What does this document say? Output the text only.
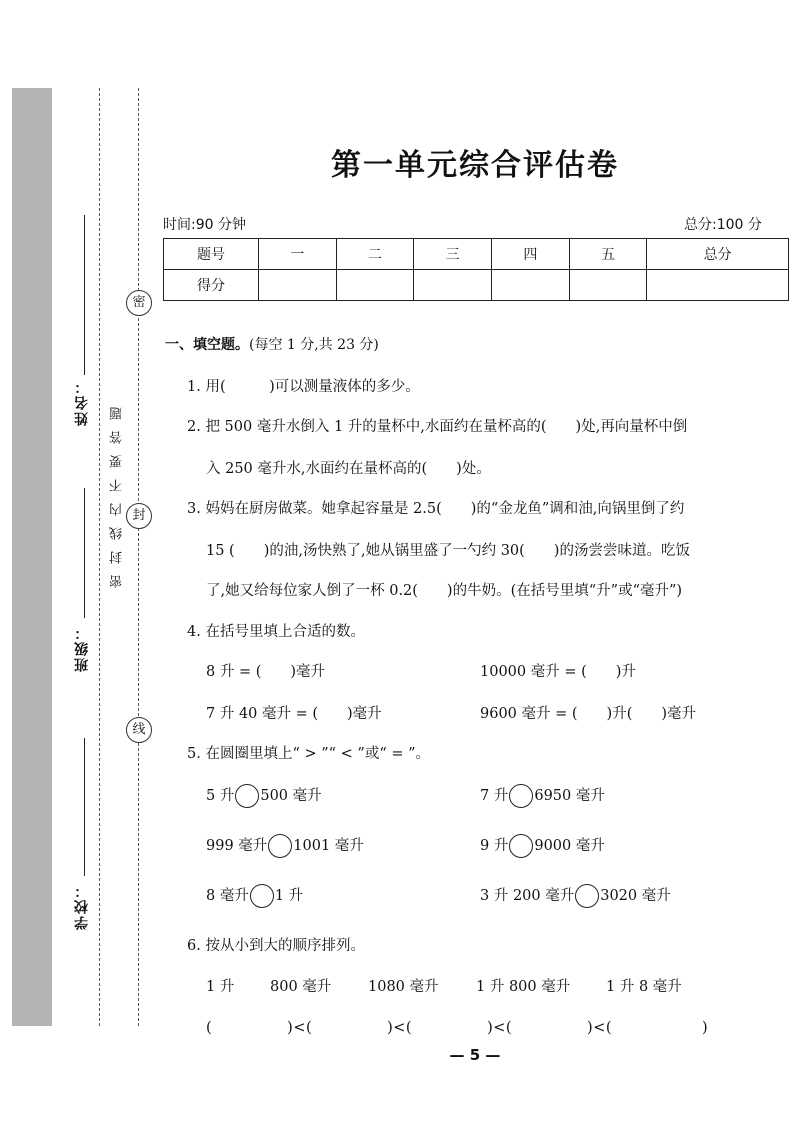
姓名：
班级：
学校：
密封线内不要答题
密
封
线
第一单元综合评估卷
时间:90 分钟	总分:100 分
题号	一	二	三	四	五	总分
得分						
一、填空题。(每空 1 分,共 23 分)
1. 用(　　　)可以测量液体的多少。
2. 把 500 毫升水倒入 1 升的量杯中,水面约在量杯高的(　　)处,再向量杯中倒
入 250 毫升水,水面约在量杯高的(　　)处。
3. 妈妈在厨房做菜。她拿起容量是 2.5(　　)的“金龙鱼”调和油,向锅里倒了约
15 (　　)的油,汤快熟了,她从锅里盛了一勺约 30(　　)的汤尝尝味道。吃饭
了,她又给每位家人倒了一杯 0.2(　　)的牛奶。(在括号里填“升”或“毫升”)
4. 在括号里填上合适的数。
8 升 = (　　)毫升	10000 毫升 = (　　)升
7 升 40 毫升 = (　　)毫升	9600 毫升 = (　　)升(　　)毫升
5. 在圆圈里填上“ > ”“ < ”或“ = ”。
5 升 500 毫升	7 升 6950 毫升
999 毫升 1001 毫升	9 升 9000 毫升
8 毫升 1 升	3 升 200 毫升 3020 毫升
6. 按从小到大的顺序排列。
1 升 800 毫升	1080 毫升	1 升 800 毫升 1 升 8 毫升
(　　　　　)<(　　　　　)<(　　　　　)<(　　　　　)<(　　　　　　)
— 5 —
